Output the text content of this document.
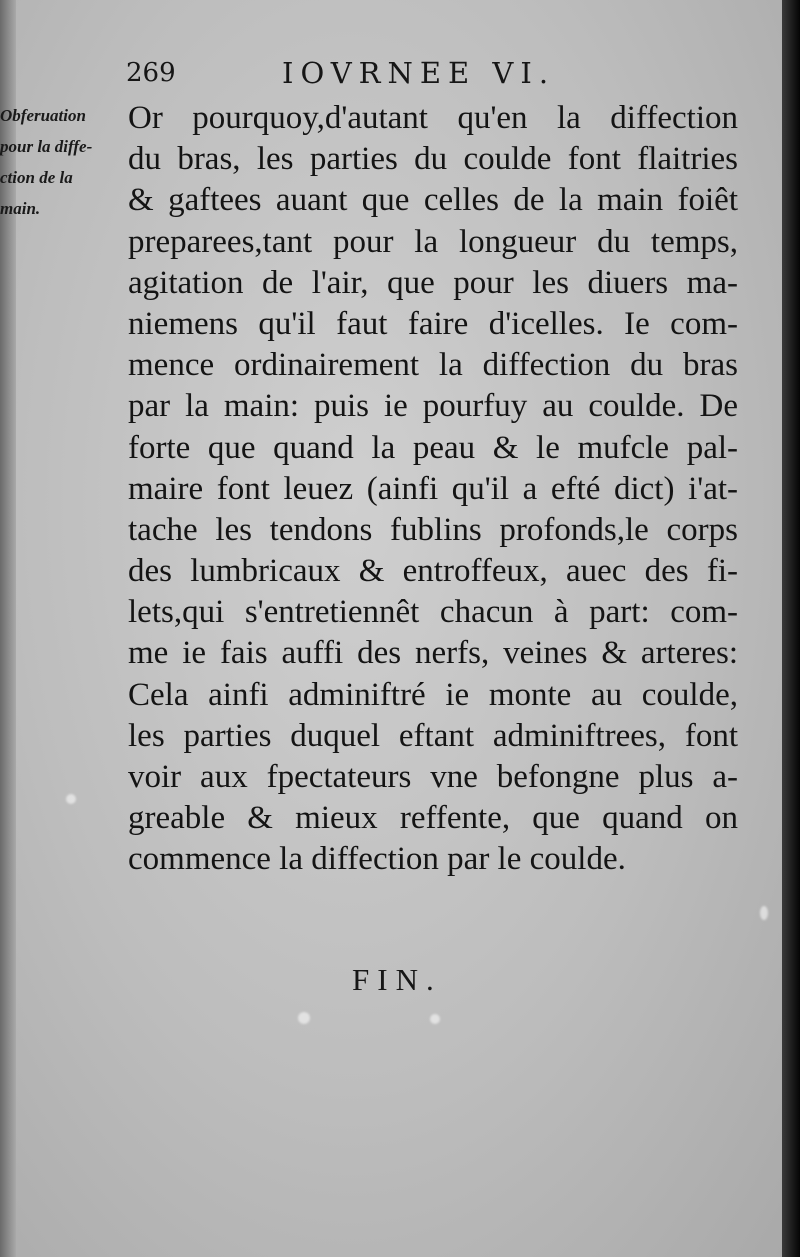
269	IOVRNEE VI.
Obferuation
pour la diffe-
ction de la
main.
Or pourquoy,d'autant qu'en la diffection
du bras, les parties du coulde font flaitries
& gaftees auant que celles de la main foiêt
preparees,tant pour la longueur du temps,
agitation de l'air, que pour les diuers ma-
niemens qu'il faut faire d'icelles. Ie com-
mence ordinairement la diffection du bras
par la main: puis ie pourfuy au coulde. De
forte que quand la peau & le mufcle pal-
maire font leuez (ainfi qu'il a efté dict) i'at-
tache les tendons fublins profonds,le corps
des lumbricaux & entroffeux, auec des fi-
lets,qui s'entretiennêt chacun à part: com-
me ie fais auffi des nerfs, veines & arteres:
Cela ainfi adminiftré ie monte au coulde,
les parties duquel eftant adminiftrees, font
voir aux fpectateurs vne befongne plus a-
greable & mieux reffente, que quand on
commence la diffection par le coulde.
FIN.
